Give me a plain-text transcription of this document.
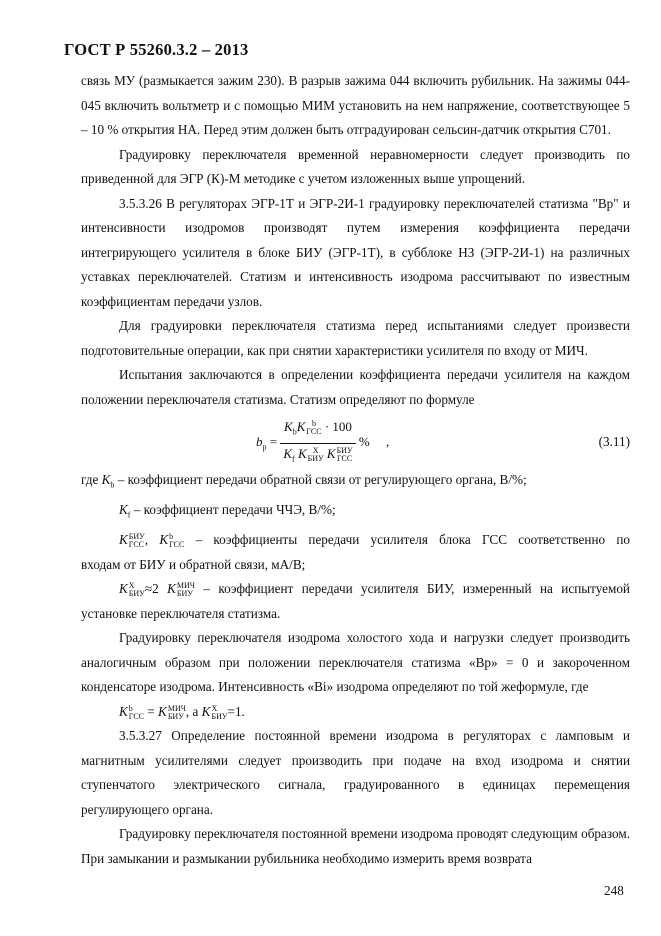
ГОСТ Р 55260.3.2 – 2013

связь МУ (размыкается зажим 230). В разрыв зажима 044 включить рубильник. На зажимы 044-045 включить вольтметр и с помощью МИМ установить на нем напряжение, соответствующее 5 – 10 % открытия НА. Перед этим должен быть отградуирован сельсин-датчик открытия С701.

Градуировку переключателя временной неравномерности следует производить по приведенной для ЭГР (К)-М методике с учетом изложенных выше упрощений.

3.5.3.26 В регуляторах ЭГР-1Т и ЭГР-2И-1 градуировку переключателей статизма "Bp" и интенсивности изодромов производят путем измерения коэффициента передачи интегрирующего усилителя в блоке БИУ (ЭГР-1Т), в субблоке НЗ (ЭГР-2И-1) на различных уставках переключателей. Статизм и интенсивность изодрома рассчитывают по известным коэффициентам передачи узлов.

Для градуировки переключателя статизма перед испытаниями следует произвести подготовительные операции, как при снятии характеристики усилителя по входу от МИЧ.

Испытания заключаются в определении коэффициента передачи усилителя на каждом положении переключателя статизма. Статизм определяют по формуле

$b_p = K_bK$ b
ГСС · 100
$K_f$ K X
БИУ K БИУ
ГСС % ,	(3.11)

где $K_b$ – коэффициент передачи обратной связи от регулирующего органа, В/%;

$K_f$ – коэффициент передачи ЧЧЭ, В/%;

K БИУ
ГСС , K b
ГСС – коэффициенты передачи усилителя блока ГСС соответственно по

входам от БИУ и обратной связи, мА/В;

K X
БИУ ≈2 K МИЧ
БИУ – коэффициент передачи усилителя БИУ, измеренный на испытуемой

установке переключателя статизма.

Градуировку переключателя изодрома холостого хода и нагрузки следует производить аналогичным образом при положении переключателя статизма «Bp» = 0 и закороченном конденсаторе изодрома. Интенсивность «Bi» изодрома определяют по той жеформуле, где

K b
ГСС = K МИЧ
БИУ , а K X
БИУ =1.

3.5.3.27 Определение постоянной времени изодрома в регуляторах с ламповым и магнитным усилителями следует производить при подаче на вход изодрома и снятии ступенчатого электрического сигнала, градуированного в единицах перемещения регулирующего органа.

Градуировку переключателя постоянной времени изодрома проводят следующим образом. При замыкании и размыкании рубильника необходимо измерить время возврата

248
